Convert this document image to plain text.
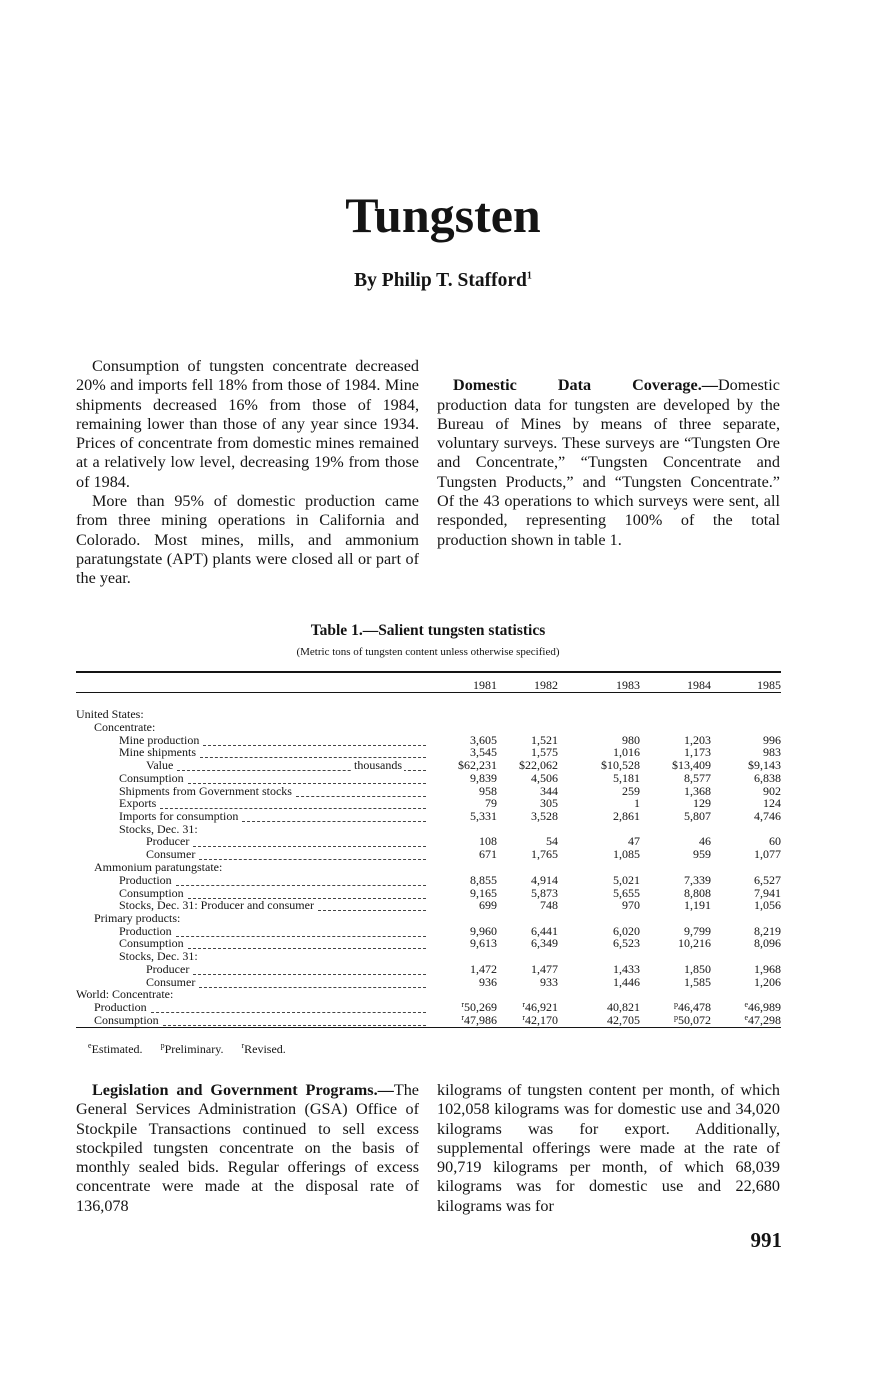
Tungsten
By Philip T. Stafford$^1$

Consumption of tungsten concentrate decreased 20% and imports fell 18% from those of 1984. Mine shipments decreased 16% from those of 1984, remaining lower than those of any year since 1934. Prices of concentrate from domestic mines remained at a relatively low level, decreasing 19% from those of 1984.

More than 95% of domestic production came from three mining operations in California and Colorado. Most mines, mills, and ammonium paratungstate (APT) plants were closed all or part of the year.

Domestic Data Coverage.—Domestic production data for tungsten are developed by the Bureau of Mines by means of three separate, voluntary surveys. These surveys are “Tungsten Ore and Concentrate,” “Tungsten Concentrate and Tungsten Products,” and “Tungsten Concentrate.” Of the 43 operations to which surveys were sent, all responded, representing 100% of the total production shown in table 1.

Table 1.—Salient tungsten statistics
(Metric tons of tungsten content unless otherwise specified)
1981	1982	1983	1984	1985
United States:
Concentrate:
Mine production	3,605	1,521	980	1,203	996
Mine shipments	3,545	1,575	1,016	1,173	983
Value	thousands	$62,231	$22,062	$10,528	$13,409	$9,143
Consumption	9,839	4,506	5,181	8,577	6,838
Shipments from Government stocks	958	344	259	1,368	902
Exports	79	305	1	129	124
Imports for consumption	5,331	3,528	2,861	5,807	4,746
Stocks, Dec. 31:
Producer	108	54	47	46	60
Consumer	671	1,765	1,085	959	1,077
Ammonium paratungstate:
Production	8,855	4,914	5,021	7,339	6,527
Consumption	9,165	5,873	5,655	8,808	7,941
Stocks, Dec. 31: Producer and consumer	699	748	970	1,191	1,056
Primary products:
Production	9,960	6,441	6,020	9,799	8,219
Consumption	9,613	6,349	6,523	10,216	8,096
Stocks, Dec. 31:
Producer	1,472	1,477	1,433	1,850	1,968
Consumer	936	933	1,446	1,585	1,206
World: Concentrate:
Production	$^r$50,269	$^r$46,921	40,821	$^p$46,478	$^e$46,989
Consumption	$^r$47,986	$^r$42,170	42,705	$^p$50,072	$^e$47,298
$^e$Estimated. $^p$Preliminary. $^r$Revised.

Legislation and Government Programs.—The General Services Administration (GSA) Office of Stockpile Transactions continued to sell excess stockpiled tungsten concentrate on the basis of monthly sealed bids. Regular offerings of excess concentrate were made at the disposal rate of 136,078

kilograms of tungsten content per month, of which 102,058 kilograms was for domestic use and 34,020 kilograms was for export. Additionally, supplemental offerings were made at the rate of 90,719 kilograms per month, of which 68,039 kilograms was for domestic use and 22,680 kilograms was for

991
